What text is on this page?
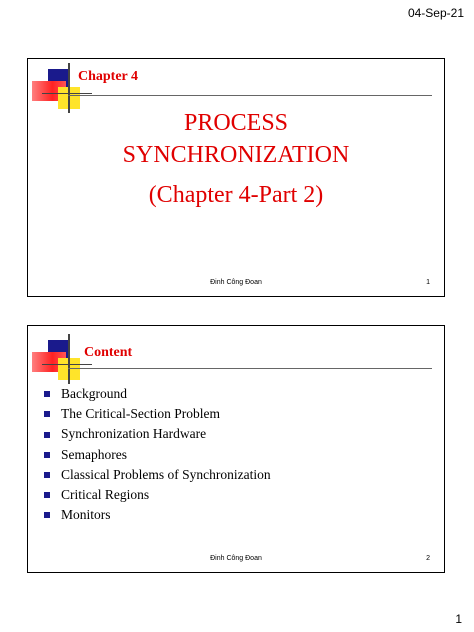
04-Sep-21
Chapter 4
PROCESS
SYNCHRONIZATION
(Chapter 4-Part 2)
Đinh Công Đoan	1
Content
Background
The Critical-Section Problem
Synchronization Hardware
Semaphores
Classical Problems of Synchronization
Critical Regions
Monitors
Đinh Công Đoan	2
1
